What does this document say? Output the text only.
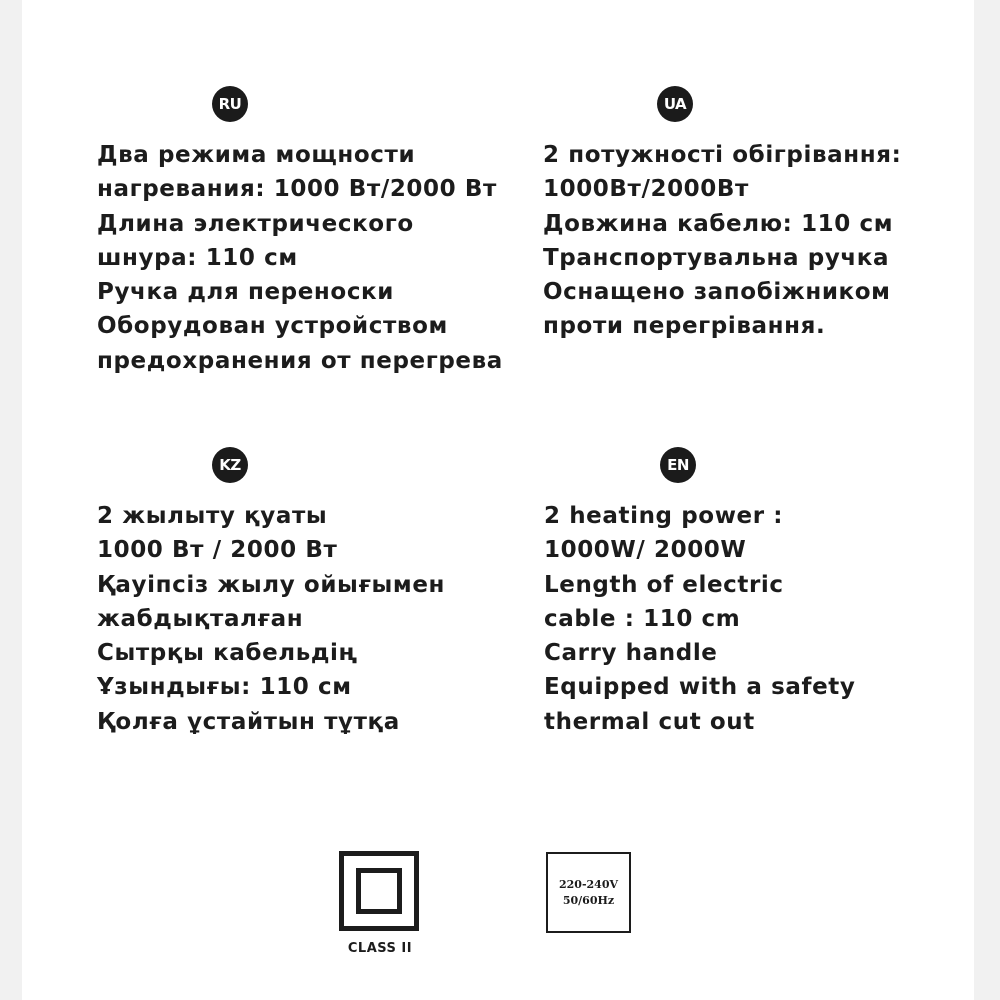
RU
Два режима мощности
нагревания: 1000 Вт/2000 Вт
Длина электрического
шнура: 110 см
Ручка для переноски
Оборудован устройством
предохранения от перегрева
UA
2 потужності обігрівання:
1000Вт/2000Вт
Довжина кабелю: 110 см
Транспортувальна ручка
Оснащено запобіжником
проти перегрівання.
KZ
2 жылыту қуаты
1000 Вт / 2000 Вт
Қауіпсіз жылу ойығымен
жабдықталған
Сытрқы кабельдің
Ұзындығы: 110 см
Қолға ұстайтын тұтқа
EN
2 heating power :
1000W/ 2000W
Length of electric
cable : 110 cm
Carry handle
Equipped with a safety
thermal cut out
CLASS II
220-240V
50/60Hz
